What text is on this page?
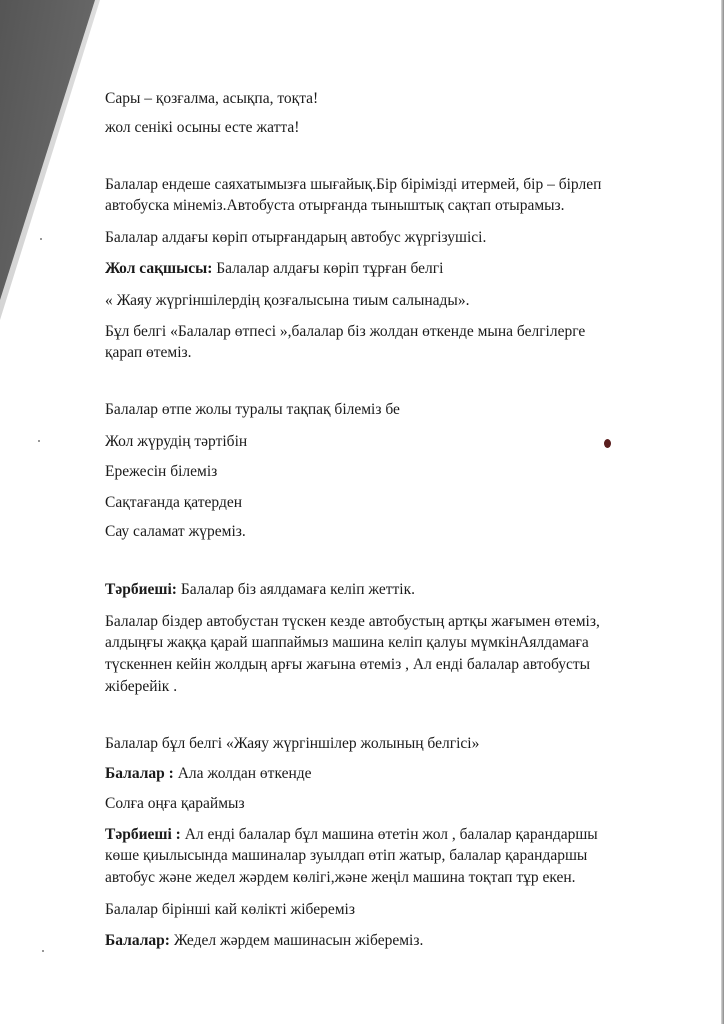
Сары – қозғалма, асықпа, тоқта!

жол сенікі осыны есте жатта!

Балалар ендеше саяхатымызға шығайық.Бір бірімізді итермей, бір – бірлеп

автобуска мінеміз.Автобуста отырғанда тыныштық сақтап отырамыз.

Балалар алдағы көріп отырғандарың автобус жүргізушісі.

Жол сақшысы: Балалар алдағы көріп тұрған белгі

« Жаяу жүргіншілердің қозғалысына тиым салынады».

Бұл белгі «Балалар өтпесі »,балалар біз жолдан өткенде мына белгілерге

қарап өтеміз.

Балалар өтпе жолы туралы тақпақ білеміз бе

Жол жүрудің тәртібін

Ережесін білеміз

Сақтағанда қатерден

Сау саламат жүреміз.

Тәрбиеші: Балалар біз аялдамаға келіп жеттік.

Балалар біздер автобустан түскен кезде автобустың артқы жағымен өтеміз,

алдыңғы жаққа қарай шаппаймыз машина келіп қалуы мүмкінАялдамаға

түскеннен кейін жолдың арғы жағына өтеміз , Ал енді балалар автобусты

жіберейік .

Балалар бұл белгі «Жаяу жүргіншілер жолының белгісі»

Балалар : Ала жолдан өткенде

Солға оңға қараймыз

Тәрбиеші : Ал енді балалар бұл машина өтетін жол , балалар қарандаршы

көше қиылысында машиналар зуылдап өтіп жатыр, балалар қарандаршы

автобус және жедел жәрдем көлігі,және жеңіл машина тоқтап тұр екен.

Балалар бірінші кай көлікті жібереміз

Балалар: Жедел жәрдем машинасын жібереміз.
